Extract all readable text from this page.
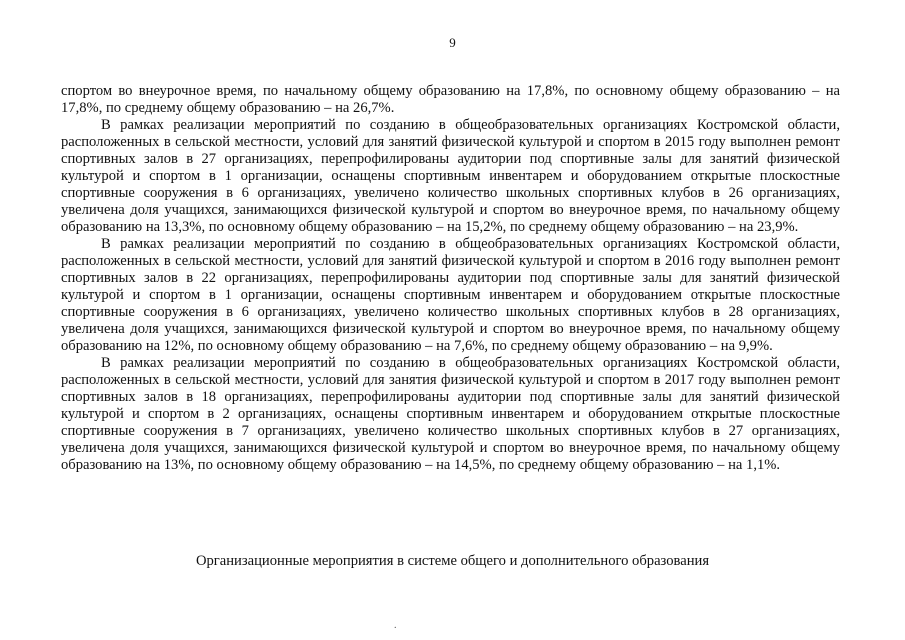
9

спортом во внеурочное время, по начальному общему образованию на 17,8%, по основному общему образованию – на 17,8%, по среднему общему образованию – на 26,7%.

В рамках реализации мероприятий по созданию в общеобразовательных организациях Костромской области, расположенных в сельской местности, условий для занятий физической культурой и спортом в 2015 году выполнен ремонт спортивных залов в 27 организациях, перепрофилированы аудитории под спортивные залы для занятий физической культурой и спортом в 1 организации, оснащены спортивным инвентарем и оборудованием открытые плоскостные спортивные сооружения в 6 организациях, увеличено количество школьных спортивных клубов в 26 организациях, увеличена доля учащихся, занимающихся физической культурой и спортом во внеурочное время, по начальному общему образованию на 13,3%, по основному общему образованию – на 15,2%, по среднему общему образованию – на 23,9%.

В рамках реализации мероприятий по созданию в общеобразовательных организациях Костромской области, расположенных в сельской местности, условий для занятий физической культурой и спортом в 2016 году выполнен ремонт спортивных залов в 22 организациях, перепрофилированы аудитории под спортивные залы для занятий физической культурой и спортом в 1 организации, оснащены спортивным инвентарем и оборудованием открытые плоскостные спортивные сооружения в 6 организациях, увеличено количество школьных спортивных клубов в 28 организациях, увеличена доля учащихся, занимающихся физической культурой и спортом во внеурочное время, по начальному общему образованию на 12%, по основному общему образованию – на 7,6%, по среднему общему образованию – на 9,9%.

В рамках реализации мероприятий по созданию в общеобразовательных организациях Костромской области, расположенных в сельской местности, условий для занятия физической культурой и спортом в 2017 году выполнен ремонт спортивных залов в 18 организациях, перепрофилированы аудитории под спортивные залы для занятий физической культурой и спортом в 2 организациях, оснащены спортивным инвентарем и оборудованием открытые плоскостные спортивные сооружения в 7 организациях, увеличено количество школьных спортивных клубов в 27 организациях, увеличена доля учащихся, занимающихся физической культурой и спортом во внеурочное время, по начальному общему образованию на 13%, по основному общему образованию – на 14,5%, по среднему общему образованию – на 1,1%.

Организационные мероприятия в системе общего и дополнительного образования
.
